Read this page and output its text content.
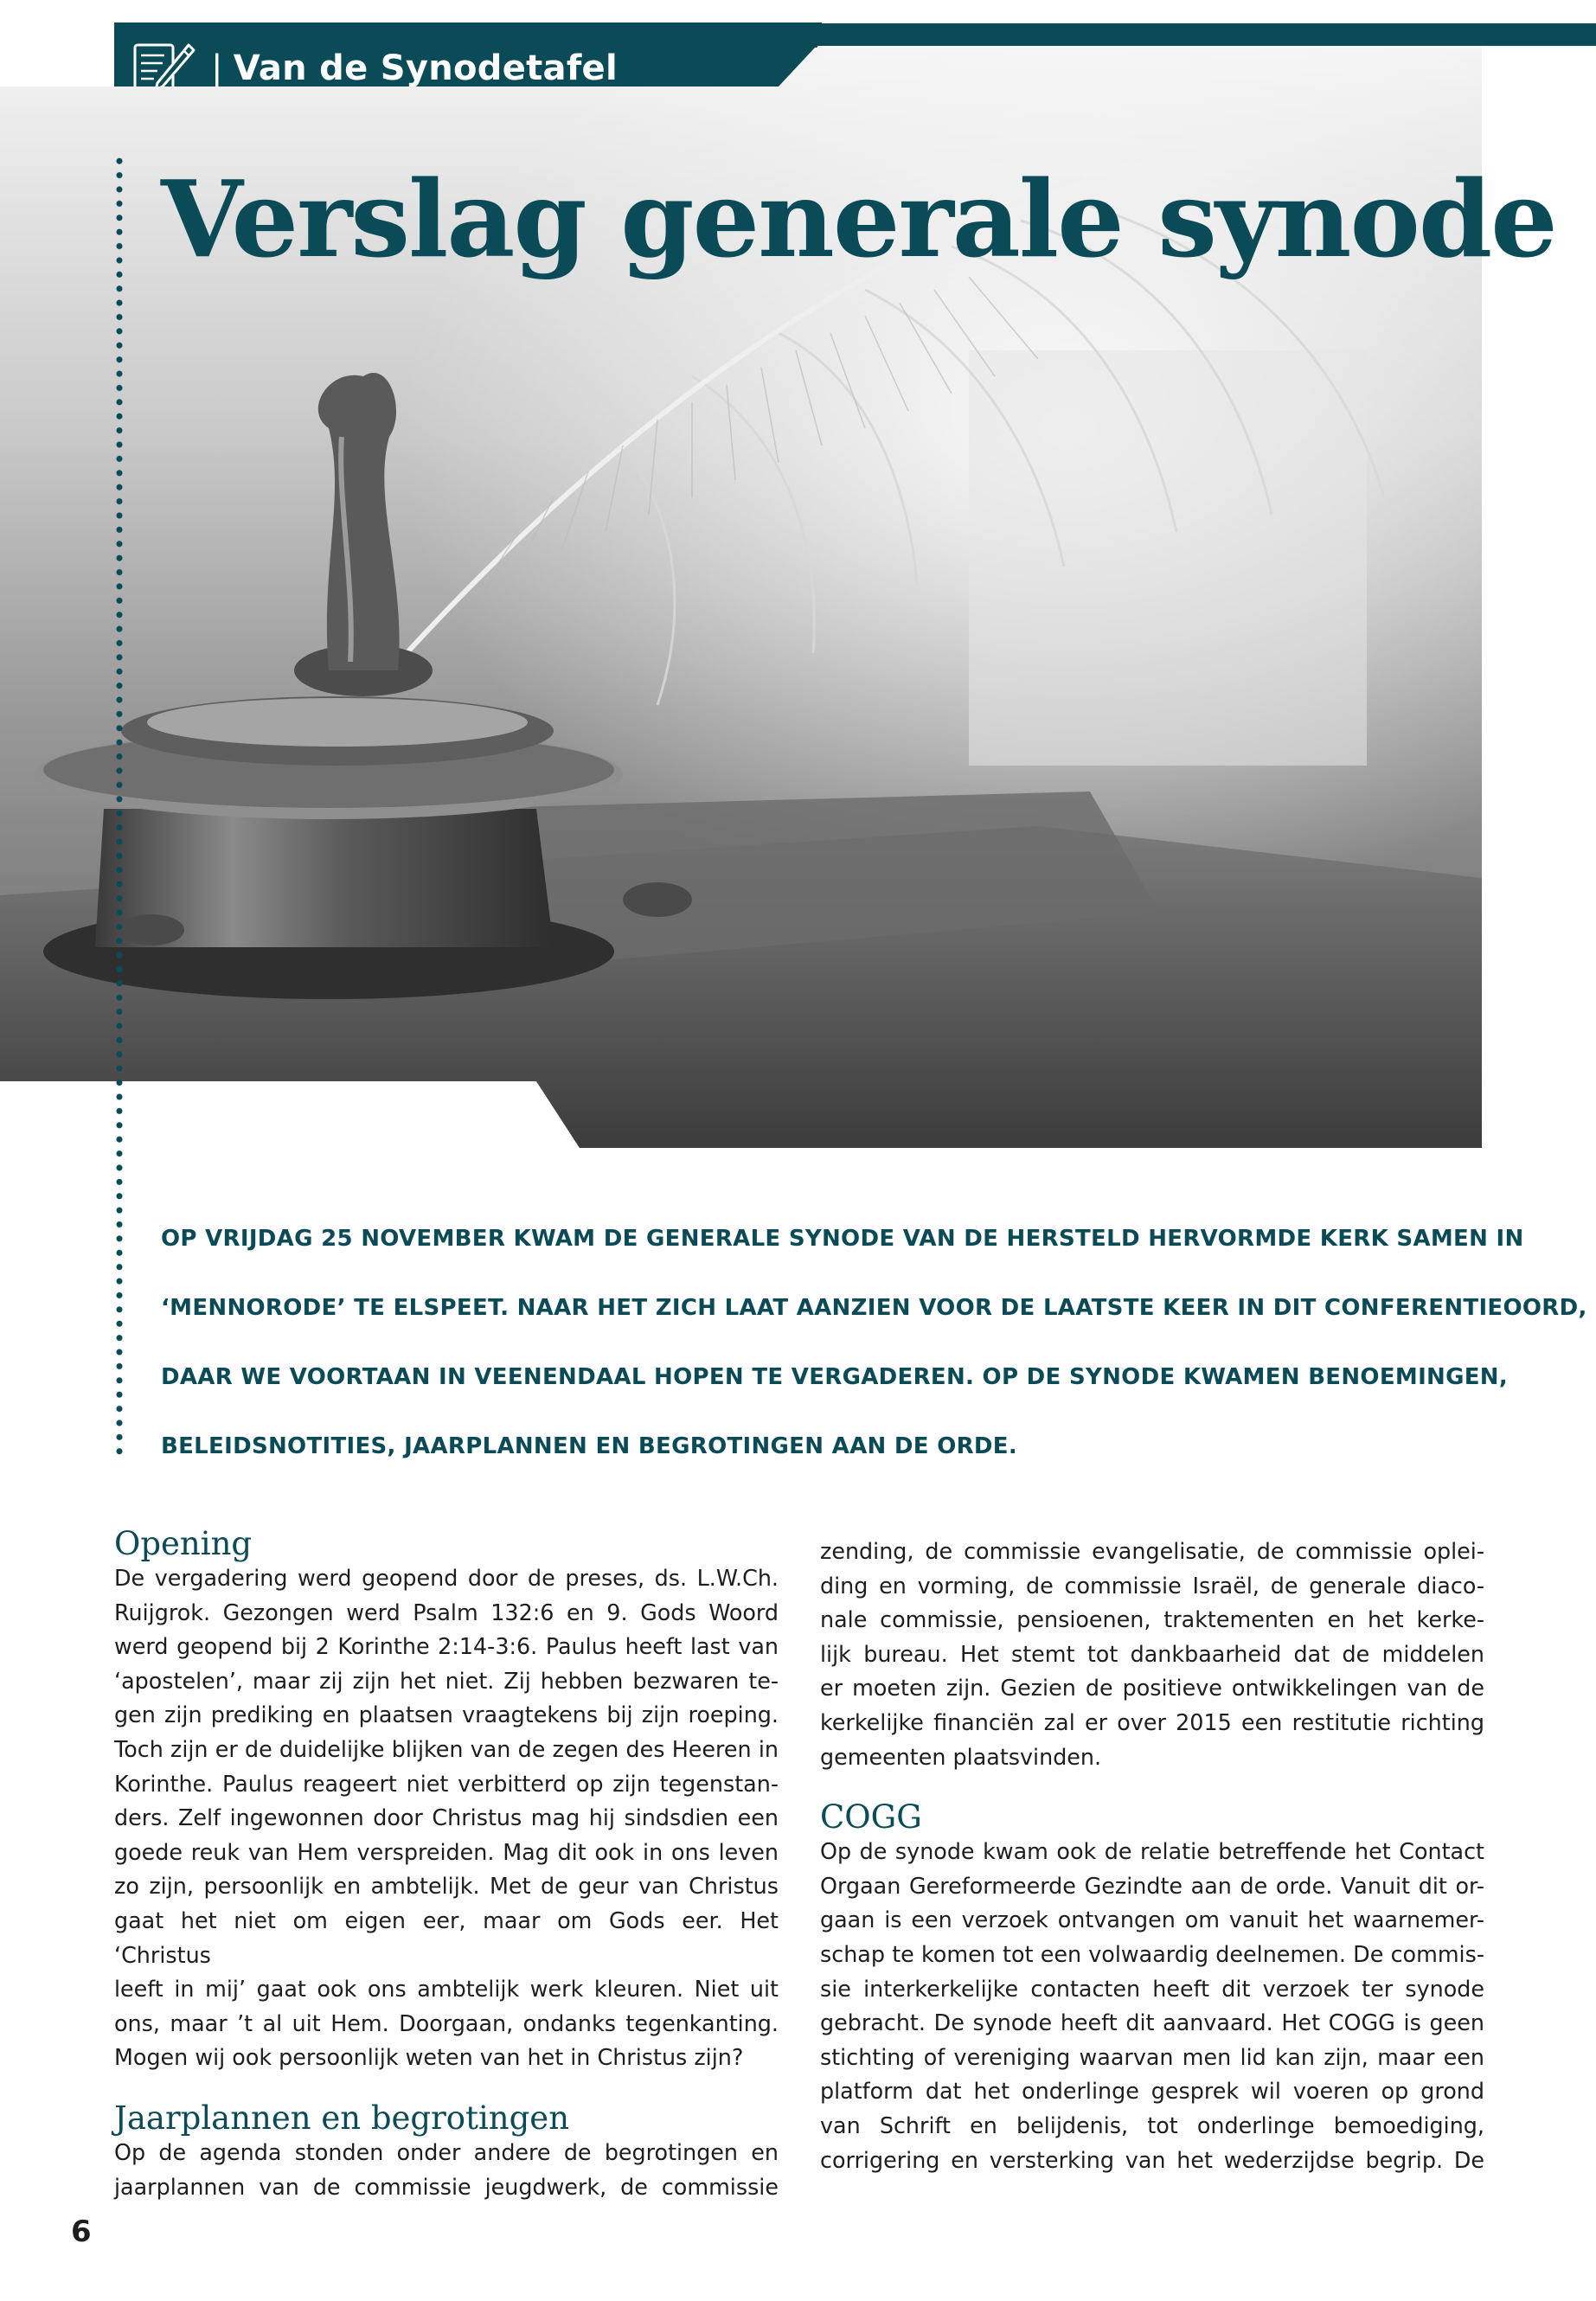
| Van de Synodetafel
Verslag generale synode
OP VRIJDAG 25 NOVEMBER KWAM DE GENERALE SYNODE VAN DE HERSTELD HERVORMDE KERK SAMEN IN
‘MENNORODE’ TE ELSPEET. NAAR HET ZICH LAAT AANZIEN VOOR DE LAATSTE KEER IN DIT CONFERENTIEOORD,
DAAR WE VOORTAAN IN VEENENDAAL HOPEN TE VERGADEREN. OP DE SYNODE KWAMEN BENOEMINGEN,
BELEIDSNOTITIES, JAARPLANNEN EN BEGROTINGEN AAN DE ORDE.
Opening

De vergadering werd geopend door de preses, ds. L.W.Ch.

Ruijgrok. Gezongen werd Psalm 132:6 en 9. Gods Woord

werd geopend bij 2 Korinthe 2:14-3:6. Paulus heeft last van

‘apostelen’, maar zij zijn het niet. Zij hebben bezwaren te-

gen zijn prediking en plaatsen vraagtekens bij zijn roeping.

Toch zijn er de duidelijke blijken van de zegen des Heeren in

Korinthe. Paulus reageert niet verbitterd op zijn tegenstan-

ders. Zelf ingewonnen door Christus mag hij sindsdien een

goede reuk van Hem verspreiden. Mag dit ook in ons leven

zo zijn, persoonlijk en ambtelijk. Met de geur van Christus

gaat het niet om eigen eer, maar om Gods eer. Het ‘Christus

leeft in mij’ gaat ook ons ambtelijk werk kleuren. Niet uit

ons, maar ’t al uit Hem. Doorgaan, ondanks tegenkanting.

Mogen wij ook persoonlijk weten van het in Christus zijn?

Jaarplannen en begrotingen

Op de agenda stonden onder andere de begrotingen en

jaarplannen van de commissie jeugdwerk, de commissie

zending, de commissie evangelisatie, de commissie oplei-

ding en vorming, de commissie Israël, de generale diaco-

nale commissie, pensioenen, traktementen en het kerke-

lijk bureau. Het stemt tot dankbaarheid dat de middelen

er moeten zijn. Gezien de positieve ontwikkelingen van de

kerkelijke financiën zal er over 2015 een restitutie richting

gemeenten plaatsvinden.

COGG

Op de synode kwam ook de relatie betreffende het Contact

Orgaan Gereformeerde Gezindte aan de orde. Vanuit dit or-

gaan is een verzoek ontvangen om vanuit het waarnemer-

schap te komen tot een volwaardig deelnemen. De commis-

sie interkerkelijke contacten heeft dit verzoek ter synode

gebracht. De synode heeft dit aanvaard. Het COGG is geen

stichting of vereniging waarvan men lid kan zijn, maar een

platform dat het onderlinge gesprek wil voeren op grond

van Schrift en belijdenis, tot onderlinge bemoediging,

corrigering en versterking van het wederzijdse begrip. De

6
